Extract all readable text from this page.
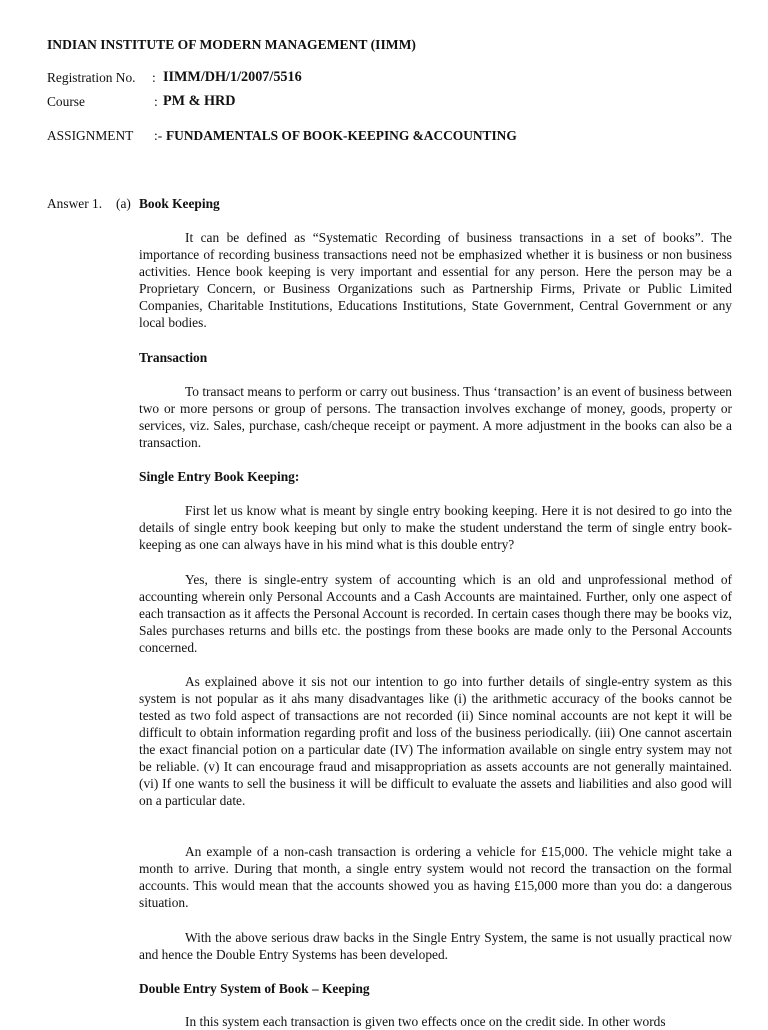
INDIAN INSTITUTE OF MODERN MANAGEMENT (IIMM)
Registration No. : IIMM/DH/1/2007/5516
Course	: PM & HRD
ASSIGNMENT :- FUNDAMENTALS OF BOOK-KEEPING &ACCOUNTING
Answer 1. (a) Book Keeping

It can be defined as “Systematic Recording of business transactions in a set of books”. The importance of recording business transactions need not be emphasized whether it is business or non business activities. Hence book keeping is very important and essential for any person. Here the person may be a Proprietary Concern, or Business Organizations such as Partnership Firms, Private or Public Limited Companies, Charitable Institutions, Educations Institutions, State Government, Central Government or any local bodies.

Transaction

To transact means to perform or carry out business. Thus ‘transaction’ is an event of business between two or more persons or group of persons. The transaction involves exchange of money, goods, property or services, viz. Sales, purchase, cash/cheque receipt or payment. A more adjustment in the books can also be a transaction.

Single Entry Book Keeping:

First let us know what is meant by single entry booking keeping. Here it is not desired to go into the details of single entry book keeping but only to make the student understand the term of single entry book-keeping as one can always have in his mind what is this double entry?

Yes, there is single-entry system of accounting which is an old and unprofessional method of accounting wherein only Personal Accounts and a Cash Accounts are maintained. Further, only one aspect of each transaction as it affects the Personal Account is recorded. In certain cases though there may be books viz, Sales purchases returns and bills etc. the postings from these books are made only to the Personal Accounts concerned.

As explained above it sis not our intention to go into further details of single-entry system as this system is not popular as it ahs many disadvantages like (i) the arithmetic accuracy of the books cannot be tested as two fold aspect of transactions are not recorded (ii) Since nominal accounts are not kept it will be difficult to obtain information regarding profit and loss of the business periodically. (iii) One cannot ascertain the exact financial potion on a particular date (IV) The information available on single entry system may not be reliable. (v) It can encourage fraud and misappropriation as assets accounts are not generally maintained. (vi) If one wants to sell the business it will be difficult to evaluate the assets and liabilities and also good will on a particular date.

An example of a non-cash transaction is ordering a vehicle for £15,000. The vehicle might take a month to arrive. During that month, a single entry system would not record the transaction on the formal accounts. This would mean that the accounts showed you as having £15,000 more than you do: a dangerous situation.

With the above serious draw backs in the Single Entry System, the same is not usually practical now and hence the Double Entry Systems has been developed.

Double Entry System of Book – Keeping

In this system each transaction is given two effects once on the credit side. In other words
